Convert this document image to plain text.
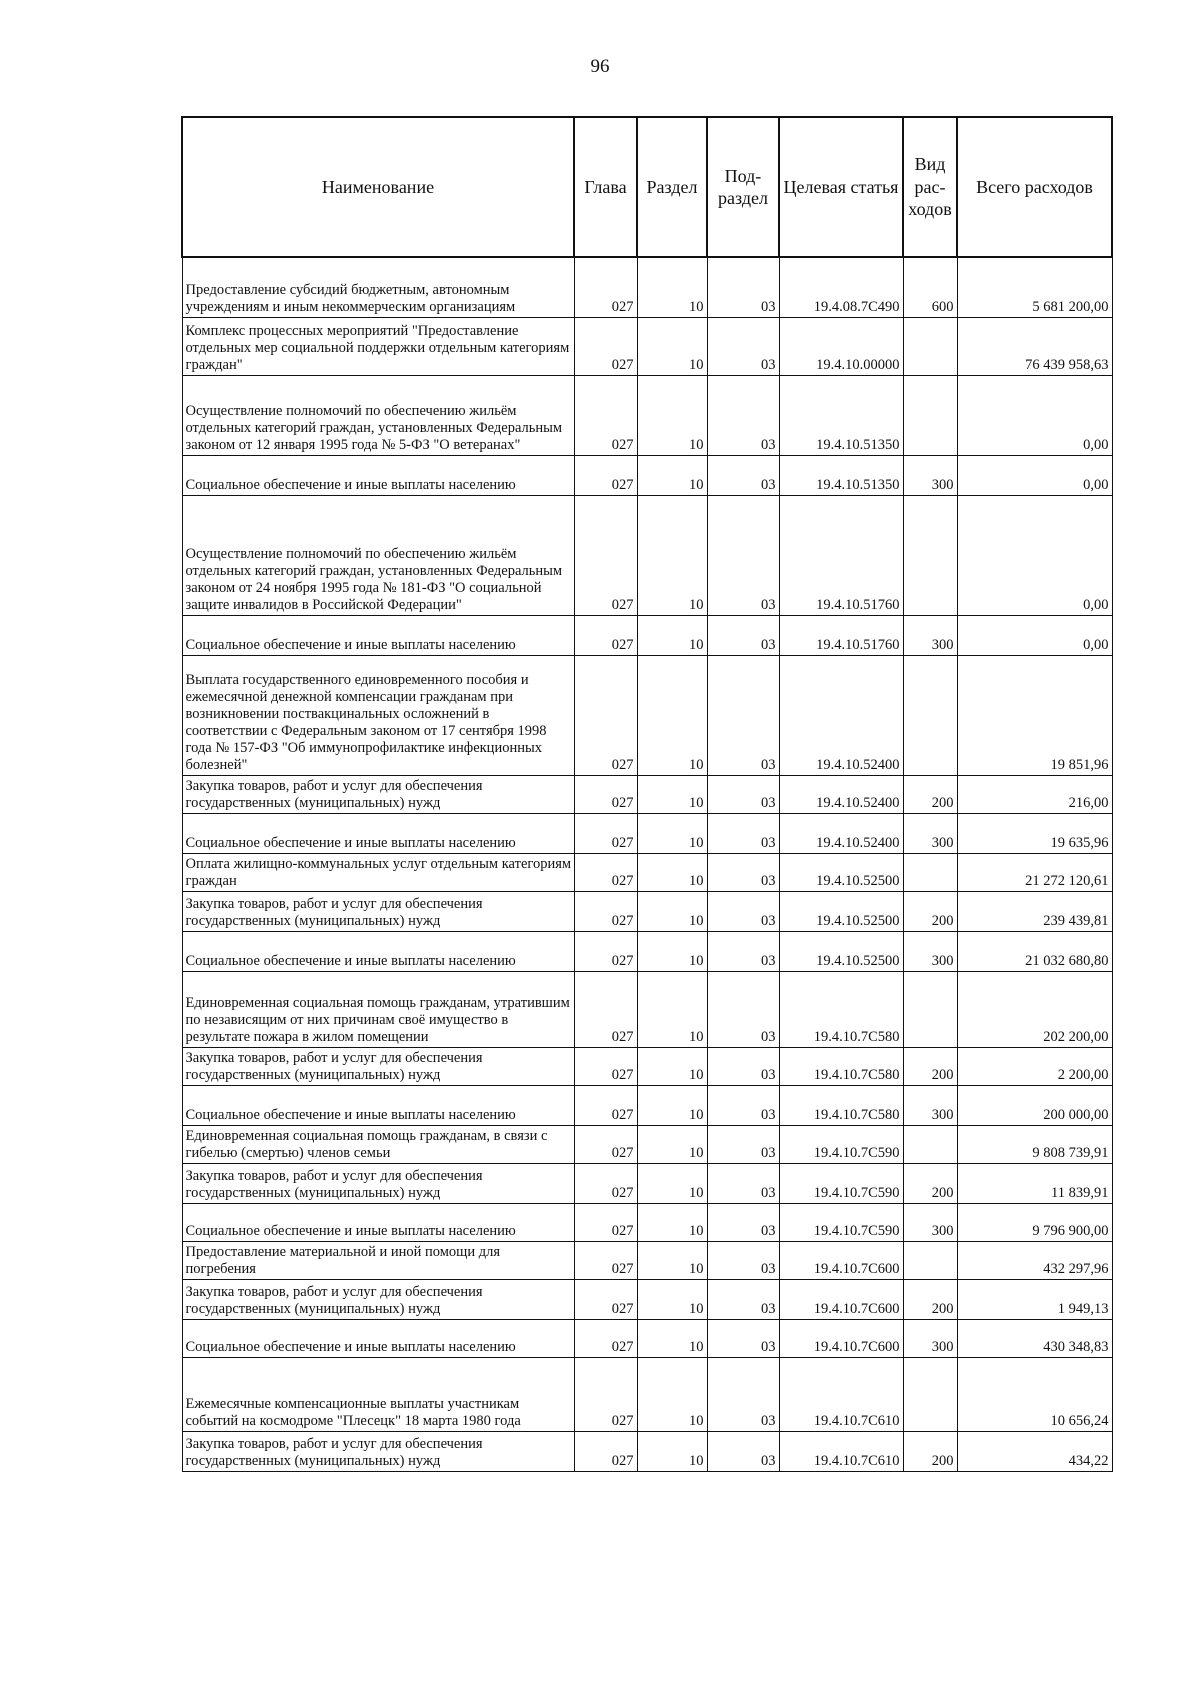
96
Наименование	Глава	Раздел	Под-раздел	Целевая статья	Вид рас-ходов	Всего расходов
Предоставление субсидий бюджетным, автономным учреждениям и иным некоммерческим организациям	027	10	03	19.4.08.7С490	600	5 681 200,00
Комплекс процессных мероприятий "Предоставление отдельных мер социальной поддержки отдельным категориям граждан"	027	10	03	19.4.10.00000		76 439 958,63
Осуществление полномочий по обеспечению жильём отдельных категорий граждан, установленных Федеральным законом от 12 января 1995 года № 5-ФЗ "О ветеранах"	027	10	03	19.4.10.51350		0,00
Социальное обеспечение и иные выплаты населению	027	10	03	19.4.10.51350	300	0,00
Осуществление полномочий по обеспечению жильём отдельных категорий граждан, установленных Федеральным законом от 24 ноября 1995 года № 181-ФЗ "О социальной защите инвалидов в Российской Федерации"	027	10	03	19.4.10.51760		0,00
Социальное обеспечение и иные выплаты населению	027	10	03	19.4.10.51760	300	0,00
Выплата государственного единовременного пособия и ежемесячной денежной компенсации гражданам при возникновении поствакцинальных осложнений в соответствии с Федеральным законом от 17 сентября 1998 года № 157-ФЗ "Об иммунопрофилактике инфекционных болезней"	027	10	03	19.4.10.52400		19 851,96
Закупка товаров, работ и услуг для обеспечения государственных (муниципальных) нужд	027	10	03	19.4.10.52400	200	216,00
Социальное обеспечение и иные выплаты населению	027	10	03	19.4.10.52400	300	19 635,96
Оплата жилищно-коммунальных услуг отдельным категориям граждан	027	10	03	19.4.10.52500		21 272 120,61
Закупка товаров, работ и услуг для обеспечения государственных (муниципальных) нужд	027	10	03	19.4.10.52500	200	239 439,81
Социальное обеспечение и иные выплаты населению	027	10	03	19.4.10.52500	300	21 032 680,80
Единовременная социальная помощь гражданам, утратившим по независящим от них причинам своё имущество в результате пожара в жилом помещении	027	10	03	19.4.10.7С580		202 200,00
Закупка товаров, работ и услуг для обеспечения государственных (муниципальных) нужд	027	10	03	19.4.10.7С580	200	2 200,00
Социальное обеспечение и иные выплаты населению	027	10	03	19.4.10.7С580	300	200 000,00
Единовременная социальная помощь гражданам, в связи с гибелью (смертью) членов семьи	027	10	03	19.4.10.7С590		9 808 739,91
Закупка товаров, работ и услуг для обеспечения государственных (муниципальных) нужд	027	10	03	19.4.10.7С590	200	11 839,91
Социальное обеспечение и иные выплаты населению	027	10	03	19.4.10.7С590	300	9 796 900,00
Предоставление материальной и иной помощи для погребения	027	10	03	19.4.10.7С600		432 297,96
Закупка товаров, работ и услуг для обеспечения государственных (муниципальных) нужд	027	10	03	19.4.10.7С600	200	1 949,13
Социальное обеспечение и иные выплаты населению	027	10	03	19.4.10.7С600	300	430 348,83
Ежемесячные компенсационные выплаты участникам событий на космодроме "Плесецк" 18 марта 1980 года	027	10	03	19.4.10.7С610		10 656,24
Закупка товаров, работ и услуг для обеспечения государственных (муниципальных) нужд	027	10	03	19.4.10.7С610	200	434,22
